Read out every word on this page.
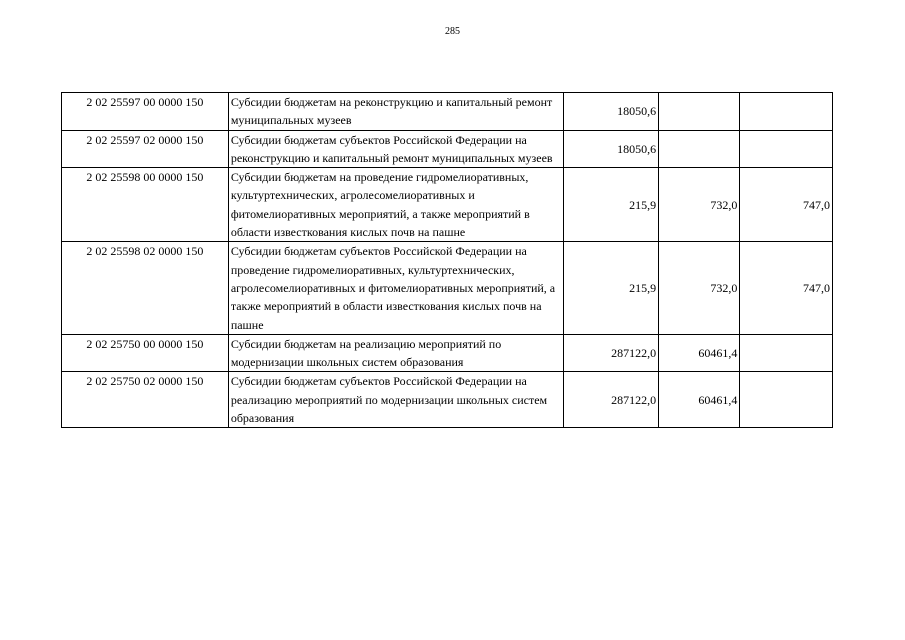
285
2 02 25597 00 0000 150	Субсидии бюджетам на реконструкцию и капитальный ремонт муниципальных музеев	18050,6		
2 02 25597 02 0000 150	Субсидии бюджетам субъектов Российской Федерации на реконструкцию и капитальный ремонт муниципальных музеев	18050,6		
2 02 25598 00 0000 150	Субсидии бюджетам на проведение гидромелиоративных, культуртехнических, агролесомелиоративных и фитомелиоративных мероприятий, а также мероприятий в области известкования кислых почв на пашне	215,9	732,0	747,0
2 02 25598 02 0000 150	Субсидии бюджетам субъектов Российской Федерации на проведение гидромелиоративных, культуртехнических, агролесомелиоративных и фитомелиоративных мероприятий, а также мероприятий в области известкования кислых почв на пашне	215,9	732,0	747,0
2 02 25750 00 0000 150	Субсидии бюджетам на реализацию мероприятий по модернизации школьных систем образования	287122,0	60461,4	
2 02 25750 02 0000 150	Субсидии бюджетам субъектов Российской Федерации на реализацию мероприятий по модернизации школьных систем образования	287122,0	60461,4	
